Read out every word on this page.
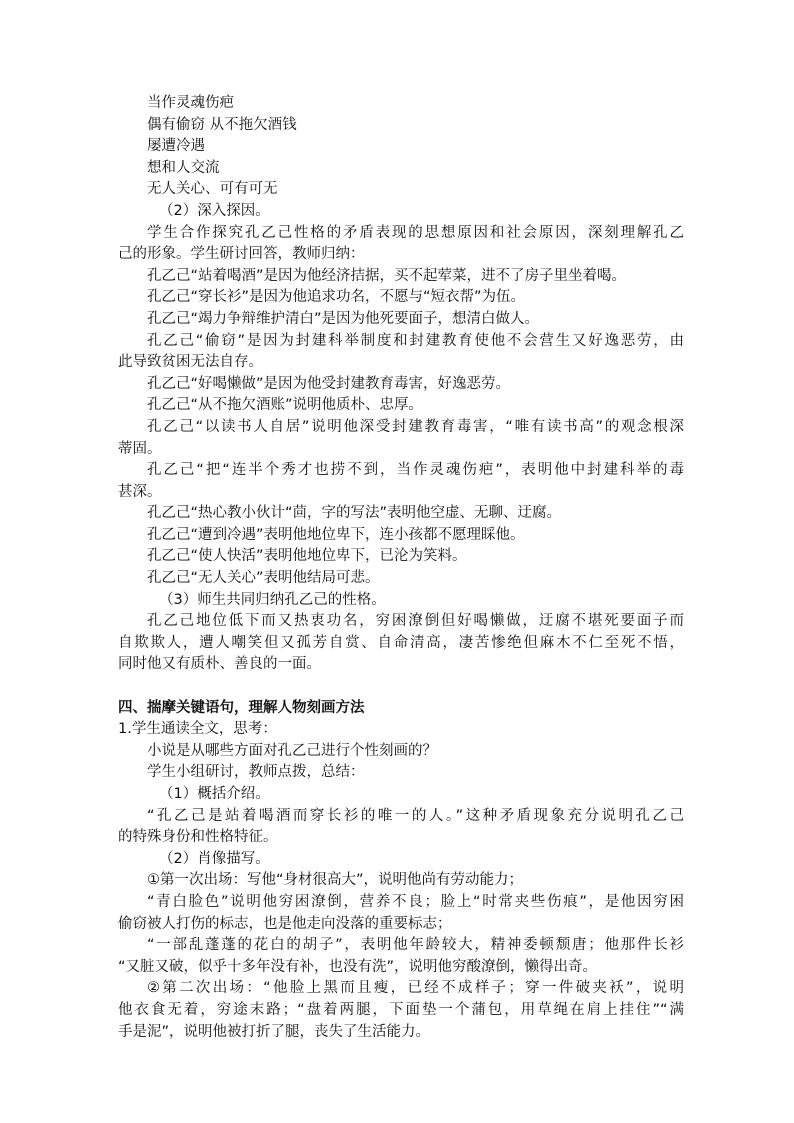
当作灵魂伤疤
偶有偷窃 从不拖欠酒钱
屡遭冷遇
想和人交流
无人关心、可有可无
（2）深入探因。
学生合作探究孔乙己性格的矛盾表现的思想原因和社会原因，深刻理解孔乙
己的形象。学生研讨回答，教师归纳：
孔乙己“站着喝酒”是因为他经济拮据，买不起荤菜，进不了房子里坐着喝。
孔乙己“穿长衫”是因为他追求功名，不愿与“短衣帮”为伍。
孔乙己“竭力争辩维护清白”是因为他死要面子，想清白做人。
孔乙己“偷窃”是因为封建科举制度和封建教育使他不会营生又好逸恶劳，由
此导致贫困无法自存。
孔乙己“好喝懒做”是因为他受封建教育毒害，好逸恶劳。
孔乙己“从不拖欠酒账”说明他质朴、忠厚。
孔乙己“以读书人自居”说明他深受封建教育毒害，“唯有读书高”的观念根深
蒂固。
孔乙己“把“连半个秀才也捞不到，当作灵魂伤疤”，表明他中封建科举的毒
甚深。
孔乙己“热心教小伙计“茴，字的写法”表明他空虚、无聊、迂腐。
孔乙己“遭到冷遇”表明他地位卑下，连小孩都不愿理睬他。
孔乙己“使人快活”表明他地位卑下，已沦为笑料。
孔乙己“无人关心”表明他结局可悲。
（3）师生共同归纳孔乙己的性格。
孔乙己地位低下而又热衷功名，穷困潦倒但好喝懒做，迂腐不堪死要面子而
自欺欺人，遭人嘲笑但又孤芳自赏、自命清高，凄苦惨绝但麻木不仁至死不悟，
同时他又有质朴、善良的一面。
四、揣摩关键语句，理解人物刻画方法
1.学生通读全文，思考：
小说是从哪些方面对孔乙己进行个性刻画的？
学生小组研讨，教师点拨，总结：
（1）概括介绍。
“孔乙己是站着喝酒而穿长衫的唯一的人。”这种矛盾现象充分说明孔乙己
的特殊身份和性格特征。
（2）肖像描写。
①第一次出场：写他“身材很高大”，说明他尚有劳动能力；
“青白脸色”说明他穷困潦倒，营养不良；脸上“时常夹些伤痕”，是他因穷困
偷窃被人打伤的标志，也是他走向没落的重要标志；
“一部乱蓬蓬的花白的胡子”，表明他年龄较大，精神委顿颓唐；他那件长衫
“又脏又破，似乎十多年没有补，也没有洗”，说明他穷酸潦倒，懒得出奇。
②第二次出场：“他脸上黑而且瘦，已经不成样子；穿一件破夹袄”，说明
他衣食无着，穷途末路；“盘着两腿，下面垫一个蒲包，用草绳在肩上挂住”“满
手是泥”，说明他被打折了腿，丧失了生活能力。
